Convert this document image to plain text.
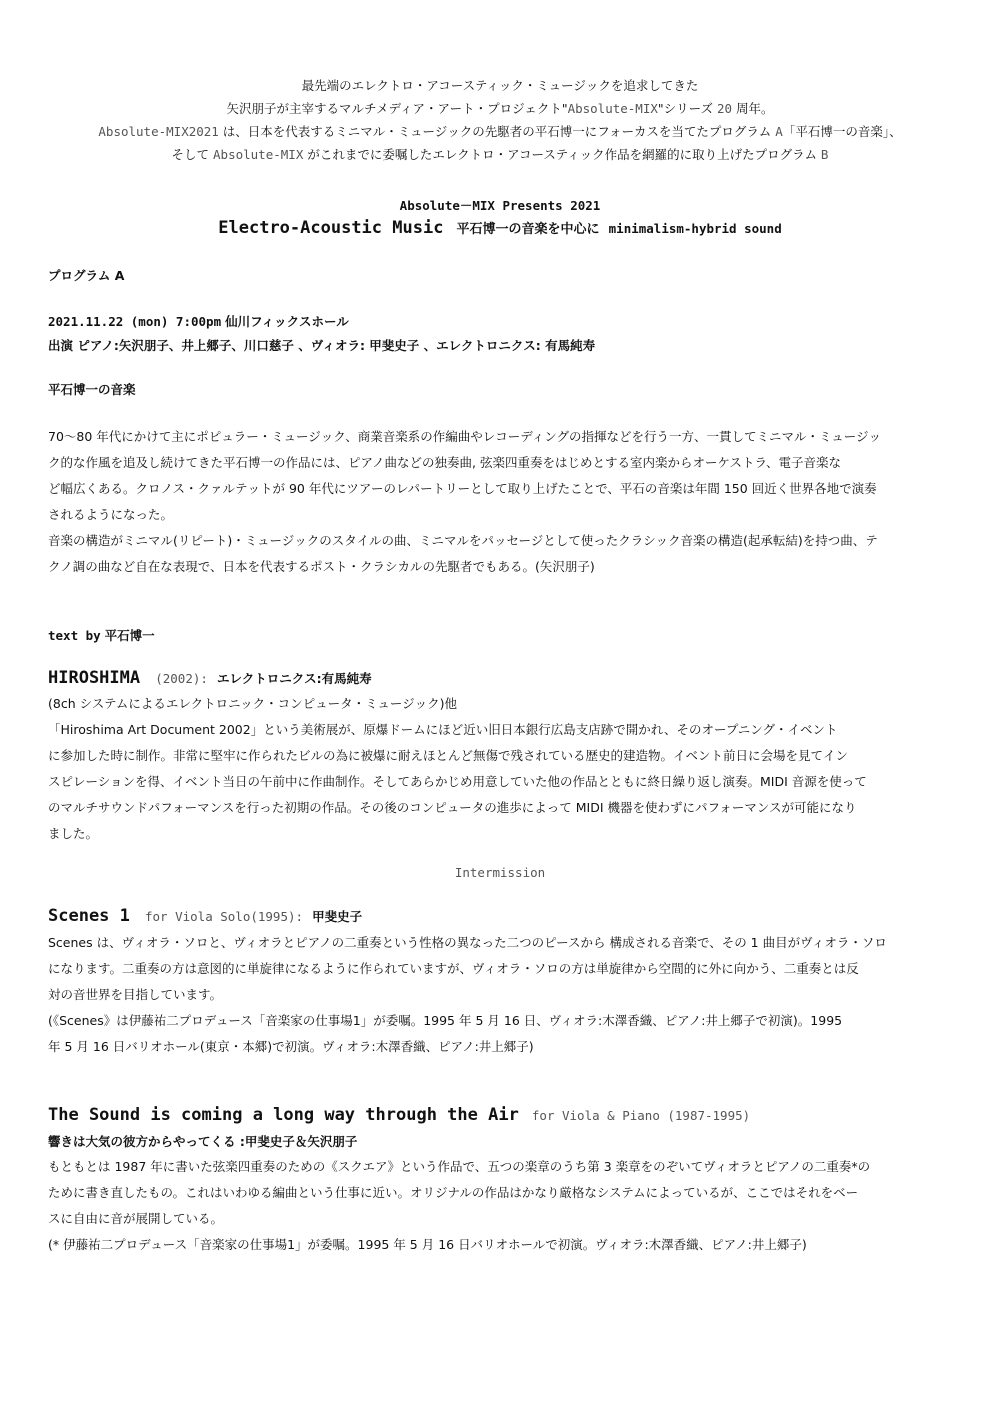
最先端のエレクトロ・アコースティック・ミュージックを追求してきた
矢沢朋子が主宰するマルチメディア・アート・プロジェクト"Absolute-MIX"シリーズ 20 周年。
Absolute-MIX2021 は、日本を代表するミニマル・ミュージックの先駆者の平石博一にフォーカスを当てたプログラム A「平石博一の音楽」、
そして Absolute-MIX がこれまでに委嘱したエレクトロ・アコースティック作品を網羅的に取り上げたプログラム B
Absolute－MIX Presents 2021
Electro-Acoustic Music 平石博一の音楽を中心に minimalism-hybrid sound
プログラム A
2021.11.22 (mon) 7:00pm 仙川フィックスホール
出演 ピアノ:矢沢朋子、井上郷子、川口慈子 、ヴィオラ: 甲斐史子 、エレクトロニクス: 有馬純寿
平石博一の音楽
70～80 年代にかけて主にポピュラー・ミュージック、商業音楽系の作編曲やレコーディングの指揮などを行う一方、一貫してミニマル・ミュージッ
ク的な作風を追及し続けてきた平石博一の作品には、ピアノ曲などの独奏曲, 弦楽四重奏をはじめとする室内楽からオーケストラ、電子音楽な
ど幅広くある。クロノス・クァルテットが 90 年代にツアーのレパートリーとして取り上げたことで、平石の音楽は年間 150 回近く世界各地で演奏
されるようになった。
音楽の構造がミニマル(リピート)・ミュージックのスタイルの曲、ミニマルをパッセージとして使ったクラシック音楽の構造(起承転結)を持つ曲、テ
クノ調の曲など自在な表現で、日本を代表するポスト・クラシカルの先駆者でもある。(矢沢朋子)
text by 平石博一
HIROSHIMA (2002): エレクトロニクス:有馬純寿
(8ch システムによるエレクトロニック・コンピュータ・ミュージック)他
「Hiroshima Art Document 2002」という美術展が、原爆ドームにほど近い旧日本銀行広島支店跡で開かれ、そのオープニング・イベント
に参加した時に制作。非常に堅牢に作られたビルの為に被爆に耐えほとんど無傷で残されている歴史的建造物。イベント前日に会場を見てイン
スピレーションを得、イベント当日の午前中に作曲制作。そしてあらかじめ用意していた他の作品とともに終日繰り返し演奏。MIDI 音源を使って
のマルチサウンドパフォーマンスを行った初期の作品。その後のコンピュータの進歩によって MIDI 機器を使わずにパフォーマンスが可能になり
ました。
Intermission
Scenes 1 for Viola Solo(1995): 甲斐史子
Scenes は、ヴィオラ・ソロと、ヴィオラとピアノの二重奏という性格の異なった二つのピースから 構成される音楽で、その 1 曲目がヴィオラ・ソロ
になります。二重奏の方は意図的に単旋律になるように作られていますが、ヴィオラ・ソロの方は単旋律から空間的に外に向かう、二重奏とは反
対の音世界を目指しています。
(《Scenes》は伊藤祐二プロデュース「音楽家の仕事場1」が委嘱。1995 年 5 月 16 日、ヴィオラ:木澤香織、ピアノ:井上郷子で初演)。1995
年 5 月 16 日バリオホール(東京・本郷)で初演。ヴィオラ:木澤香織、ピアノ:井上郷子)
The Sound is coming a long way through the Air for Viola & Piano (1987-1995)
響きは大気の彼方からやってくる :甲斐史子＆矢沢朋子
もともとは 1987 年に書いた弦楽四重奏のための《スクエア》という作品で、五つの楽章のうち第 3 楽章をのぞいてヴィオラとピアノの二重奏*の
ために書き直したもの。これはいわゆる編曲という仕事に近い。オリジナルの作品はかなり厳格なシステムによっているが、ここではそれをベー
スに自由に音が展開している。
(* 伊藤祐二プロデュース「音楽家の仕事場1」が委嘱。1995 年 5 月 16 日バリオホールで初演。ヴィオラ:木澤香織、ピアノ:井上郷子)
